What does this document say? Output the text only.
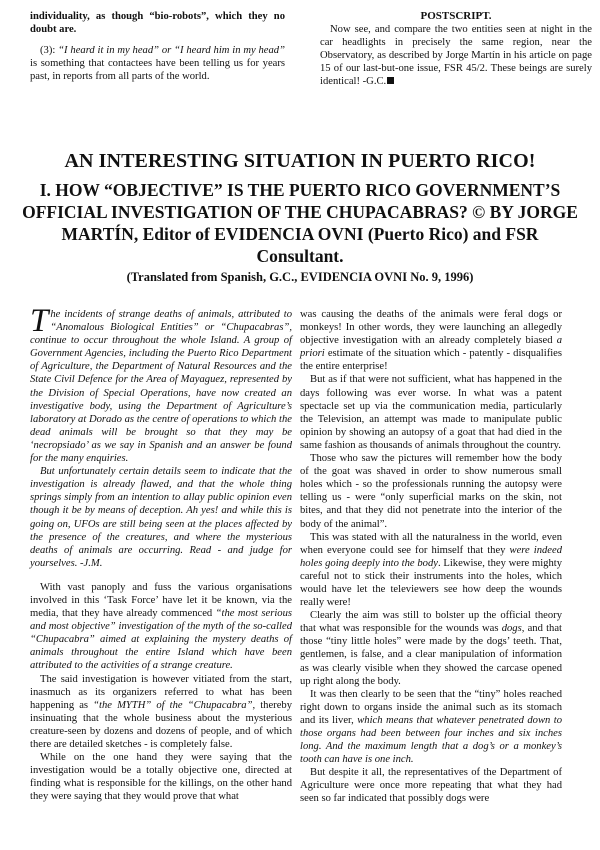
individuality, as though “bio-robots”, which they no doubt are.

(3): “I heard it in my head” or “I heard him in my head” is something that contactees have been telling us for years past, in reports from all parts of the world.

POSTSCRIPT.

Now see, and compare the two entities seen at night in the car headlights in precisely the same region, near the Observatory, as described by Jorge Martín in his article on page 15 of our last-but-one issue, FSR 45/2. These beings are surely identical! -G.C.

AN INTERESTING SITUATION IN PUERTO RICO!
I. HOW “OBJECTIVE” IS THE PUERTO RICO GOVERNMENT’S OFFICIAL INVESTIGATION OF THE CHUPACABRAS? © BY JORGE MARTÍN, Editor of EVIDENCIA OVNI (Puerto Rico) and FSR Consultant.
(Translated from Spanish, G.C., EVIDENCIA OVNI No. 9, 1996)

The incidents of strange deaths of animals, attributed to “Anomalous Biological Entities” or “Chupacabras”, continue to occur throughout the whole Island. A group of Government Agencies, including the Puerto Rico Department of Agriculture, the Department of Natural Resources and the State Civil Defence for the Area of Mayaguez, represented by the Division of Special Operations, have now created an investigative body, using the Department of Agriculture’s laboratory at Dorado as the centre of operations to which the dead animals will be brought so that they may be ‘necropsiado’ as we say in Spanish and an answer be found for the many enquiries.

But unfortunately certain details seem to indicate that the investigation is already flawed, and that the whole thing springs simply from an intention to allay public opinion even though it be by means of deception. Ah yes! and while this is going on, UFOs are still being seen at the places affected by the presence of the creatures, and where the mysterious deaths of animals are occurring. Read - and judge for yourselves. -J.M.

With vast panoply and fuss the various organisations involved in this ‘Task Force’ have let it be known, via the media, that they have already commenced “the most serious and most objective” investigation of the myth of the so-called “Chupacabra” aimed at explaining the mystery deaths of animals throughout the entire Island which have been attributed to the activities of a strange creature.

The said investigation is however vitiated from the start, inasmuch as its organizers referred to what has been happening as “the MYTH” of the “Chupacabra”, thereby insinuating that the whole business about the mysterious creature-seen by dozens and dozens of people, and of which there are detailed sketches - is completely false.

While on the one hand they were saying that the investigation would be a totally objective one, directed at finding what is responsible for the killings, on the other hand they were saying that they would prove that what

was causing the deaths of the animals were feral dogs or monkeys! In other words, they were launching an allegedly objective investigation with an already completely biased a priori estimate of the situation which - patently - disqualifies the entire enterprise!

But as if that were not sufficient, what has happened in the days following was ever worse. In what was a patent spectacle set up via the communication media, particularly the Television, an attempt was made to manipulate public opinion by showing an autopsy of a goat that had died in the same fashion as thousands of animals throughout the country.

Those who saw the pictures will remember how the body of the goat was shaved in order to show numerous small holes which - so the professionals running the autopsy were telling us - were “only superficial marks on the skin, not bites, and that they did not penetrate into the interior of the body of the animal”.

This was stated with all the naturalness in the world, even when everyone could see for himself that they were indeed holes going deeply into the body. Likewise, they were mighty careful not to stick their instruments into the holes, which would have let the televiewers see how deep the wounds really were!

Clearly the aim was still to bolster up the official theory that what was responsible for the wounds was dogs, and that those “tiny little holes” were made by the dogs’ teeth. That, gentlemen, is false, and a clear manipulation of information as was clearly visible when they showed the carcase opened up right along the body.

It was then clearly to be seen that the “tiny” holes reached right down to organs inside the animal such as its stomach and its liver, which means that whatever penetrated down to those organs had been between four inches and six inches long. And the maximum length that a dog’s or a monkey’s tooth can have is one inch.

But despite it all, the representatives of the Department of Agriculture were once more repeating that what they had seen so far indicated that possibly dogs were
